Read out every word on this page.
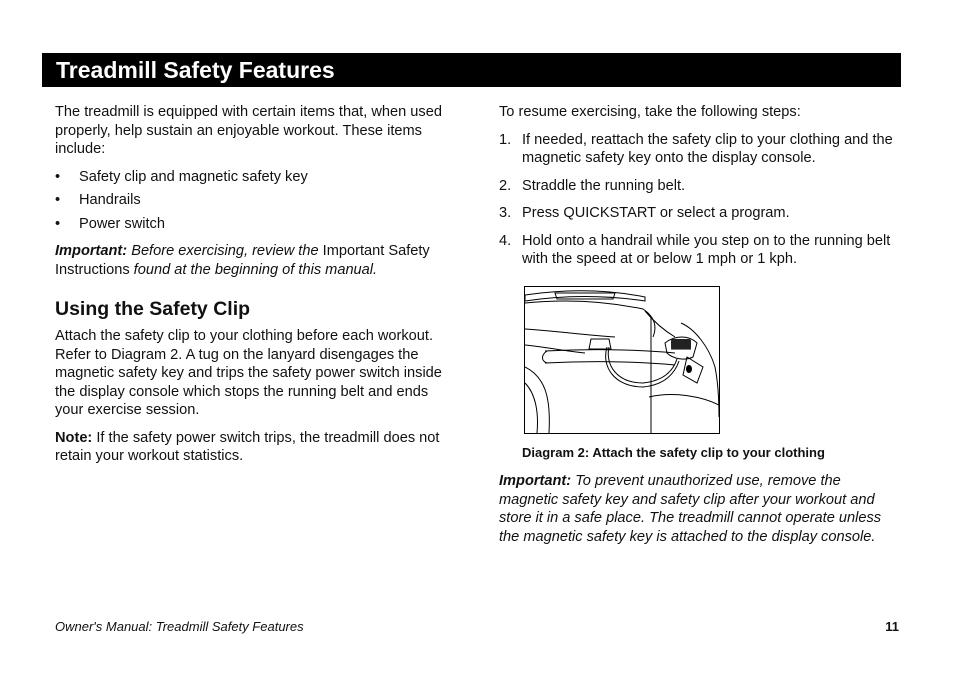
Treadmill Safety Features

The treadmill is equipped with certain items that, when used properly, help sustain an enjoyable workout. These items include:

• Safety clip and magnetic safety key
• Handrails
• Power switch

Important: Before exercising, review the Important Safety Instructions found at the beginning of this manual.

Using the Safety Clip

Attach the safety clip to your clothing before each workout. Refer to Diagram 2. A tug on the lanyard disengages the magnetic safety key and trips the safety power switch inside the display console which stops the running belt and ends your exercise session.

Note: If the safety power switch trips, the treadmill does not retain your workout statistics.

To resume exercising, take the following steps:

1. If needed, reattach the safety clip to your clothing and the magnetic safety key onto the display console.
2. Straddle the running belt.
3. Press QUICKSTART or select a program.
4. Hold onto a handrail while you step on to the running belt with the speed at or below 1 mph or 1 kph.
Diagram 2: Attach the safety clip to your clothing

Important: To prevent unauthorized use, remove the magnetic safety key and safety clip after your workout and store it in a safe place. The treadmill cannot operate unless the magnetic safety key is attached to the display console.

Owner's Manual: Treadmill Safety Features	11
